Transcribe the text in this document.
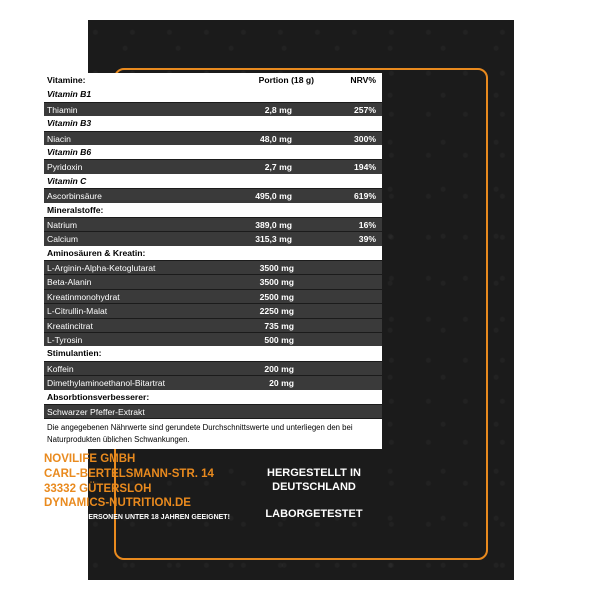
Vitamine:	Portion (18 g)	NRV%
Vitamin B1
Thiamin	2,8 mg	257%
Vitamin B3
Niacin	48,0 mg	300%
Vitamin B6
Pyridoxin	2,7 mg	194%
Vitamin C
Ascorbinsäure	495,0 mg	619%
Mineralstoffe:
Natrium	389,0 mg	16%
Calcium	315,3 mg	39%
Aminosäuren & Kreatin:
L-Arginin-Alpha-Ketoglutarat	3500 mg
Beta-Alanin	3500 mg
Kreatinmonohydrat	2500 mg
L-Citrullin-Malat	2250 mg
Kreatincitrat	735 mg
L-Tyrosin	500 mg
Stimulantien:
Koffein	200 mg
Dimethylaminoethanol-Bitartrat	20 mg
Absorbtionsverbesserer:
Schwarzer Pfeffer-Extrakt
Die angegebenen Nährwerte sind gerundete Durchschnittswerte und unterliegen den bei Naturprodukten üblichen Schwankungen.
NOVILIFE GMBH
CARL-BERTELSMANN-STR. 14
33332 GÜTERSLOH
DYNAMICS-NUTRITION.DE
NICHT FÜR PERSONEN UNTER 18 JAHREN GEEIGNET!
HERGESTELLT IN
DEUTSCHLAND
LABORGETESTET
